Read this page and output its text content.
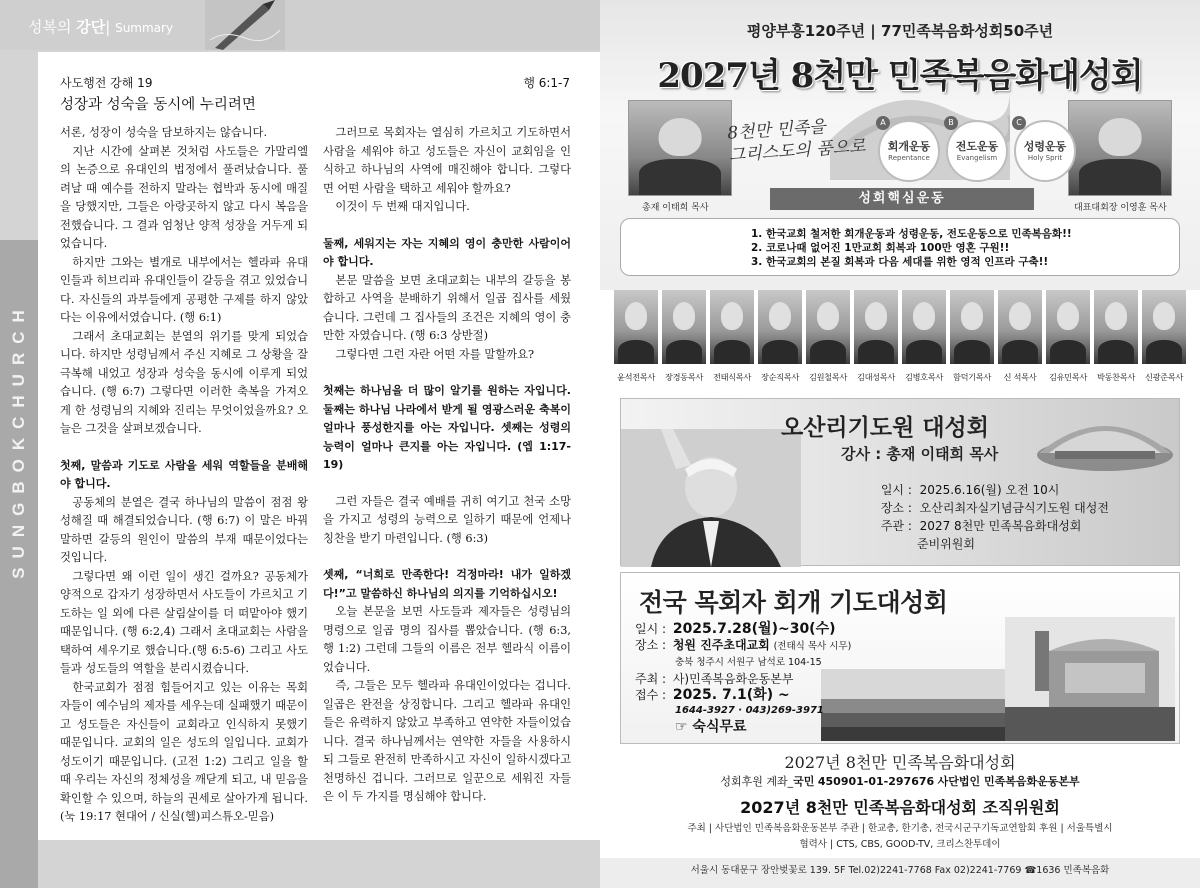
성복의 강단| Summary
SUNGBOKCHURCH
사도행전 강해 19	행 6:1-7
성장과 성숙을 동시에 누리려면

서론, 성장이 성숙을 담보하지는 않습니다.

지난 시간에 살펴본 것처럼 사도들은 가말리엘의 논증으로 유대인의 법정에서 풀려났습니다. 풀려날 때 예수를 전하지 말라는 협박과 동시에 매질을 당했지만, 그들은 아랑곳하지 않고 다시 복음을 전했습니다. 그 결과 엄청난 양적 성장을 거두게 되었습니다.

하지만 그와는 별개로 내부에서는 헬라파 유대인들과 히브리파 유대인들이 갈등을 겪고 있었습니다. 자신들의 과부들에게 공평한 구제를 하지 않았다는 이유에서였습니다. (행 6:1)

그래서 초대교회는 분열의 위기를 맞게 되었습니다. 하지만 성령님께서 주신 지혜로 그 상황을 잘 극복해 내었고 성장과 성숙을 동시에 이루게 되었습니다. (행 6:7) 그렇다면 이러한 축복을 가져오게 한 성령님의 지혜와 진리는 무엇이었을까요? 오늘은 그것을 살펴보겠습니다.

첫째, 말씀과 기도로 사람을 세워 역할들을 분배해야 합니다.

공동체의 분열은 결국 하나님의 말씀이 점점 왕성해질 때 해결되었습니다. (행 6:7) 이 말은 바꿔 말하면 갈등의 원인이 말씀의 부재 때문이었다는 것입니다.

그렇다면 왜 이런 일이 생긴 걸까요? 공동체가 양적으로 갑자기 성장하면서 사도들이 가르치고 기도하는 일 외에 다른 살림살이를 더 떠맡아야 했기 때문입니다. (행 6:2,4) 그래서 초대교회는 사람을 택하여 세우기로 했습니다.(행 6:5-6) 그리고 사도들과 성도들의 역할을 분리시켰습니다.

한국교회가 점점 힘들어지고 있는 이유는 목회자들이 예수님의 제자를 세우는데 실패했기 때문이고 성도들은 자신들이 교회라고 인식하지 못했기 때문입니다. 교회의 일은 성도의 일입니다. 교회가 성도이기 때문입니다. (고전 1:2) 그리고 일을 할 때 우리는 자신의 정체성을 깨닫게 되고, 내 믿음을 확인할 수 있으며, 하늘의 권세로 살아가게 됩니다.(눅 19:17 현대어 / 신실(헬)피스튜오-믿음)

그러므로 목회자는 열심히 가르치고 기도하면서 사람을 세워야 하고 성도들은 자신이 교회임을 인식하고 하나님의 사역에 매진해야 합니다. 그렇다면 어떤 사람을 택하고 세워야 할까요?

이것이 두 번째 대지입니다.

둘째, 세워지는 자는 지혜의 영이 충만한 사람이어야 합니다.

본문 말씀을 보면 초대교회는 내부의 갈등을 봉합하고 사역을 분배하기 위해서 일곱 집사를 세웠습니다. 그런데 그 집사들의 조건은 지혜의 영이 충만한 자였습니다. (행 6:3 상반절)

그렇다면 그런 자란 어떤 자를 말할까요?

첫째는 하나님을 더 많이 알기를 원하는 자입니다. 둘째는 하나님 나라에서 받게 될 영광스러운 축복이 얼마나 풍성한지를 아는 자입니다. 셋째는 성령의 능력이 얼마나 큰지를 아는 자입니다. (엡 1:17-19)

그런 자들은 결국 예배를 귀히 여기고 천국 소망을 가지고 성령의 능력으로 일하기 때문에 언제나 칭찬을 받기 마련입니다. (행 6:3)

셋째, “너희로 만족한다! 걱정마라! 내가 일하겠다!”고 말씀하신 하나님의 의지를 기억하십시오!

오늘 본문을 보면 사도들과 제자들은 성령님의 명령으로 일곱 명의 집사를 뽑았습니다. (행 6:3, 행 1:2) 그런데 그들의 이름은 전부 헬라식 이름이었습니다.

즉, 그들은 모두 헬라파 유대인이었다는 겁니다. 일곱은 완전을 상징합니다. 그리고 헬라파 유대인들은 유력하지 않았고 부족하고 연약한 자들이었습니다. 결국 하나님께서는 연약한 자들을 사용하시되 그들로 완전히 만족하시고 자신이 일하시겠다고 천명하신 겁니다. 그러므로 일꾼으로 세워진 자들은 이 두 가지를 명심해야 합니다.

평양부흥120주년 | 77민족복음화성회50주년
2027년 8천만 민족복음화대성회
총재 이태희 목사	대표대회장 이영훈 목사
8천만 민족을
그리스도의 품으로
A
회개운동
Repentance
B
전도운동
Evangelism
C
성령운동
Holy Sprit
1. 한국교회 철저한 회개운동과 성령운동, 전도운동으로 민족복음화!!
2. 코로나때 없어진 1만교회 회복과 100만 영혼 구원!!
3. 한국교회의 본질 회복과 다음 세대를 위한 영적 인프라 구축!!
성회핵심운동
윤석전목사	장경동목사	전태식목사	장순직목사	김원철목사	김대성목사	김병호목사	함덕기목사	신 석목사	김유민목사	박동찬목사	신광준목사
오산리기도원 대성회
강사 : 총재 이태희 목사
일시 : 2025.6.16(월) 오전 10시
장소 : 오산리최자실기념금식기도원 대성전
주관 : 2027 8천만 민족복음화대성회
준비위원회
전국 목회자 회개 기도대성회
일시 : 2025.7.28(월)~30(수)
장소 : 청원 진주초대교회 (전태식 목사 시무)
충북 청주시 서원구 남석로 104-15
주최 : 사)민족복음화운동본부
접수 : 2025. 7.1(화) ~
1644-3927 · 043)269-3971
☞ 숙식무료
2027년 8천만 민족복음화대성회
성회후원 계좌_국민 450901-01-297676 사단법인 민족복음화운동본부
2027년 8천만 민족복음화대성회 조직위원회
주최 | 사단법인 민족복음화운동본부 주관 | 한교총, 한기총, 전국시군구기독교연합회 후원 | 서울특별시
협력사 | CTS, CBS, GOOD-TV, 크리스찬투데이
서울시 동대문구 장안벚꽃로 139. 5F Tel.02)2241-7768 Fax 02)2241-7769 ☎1636 민족복음화
